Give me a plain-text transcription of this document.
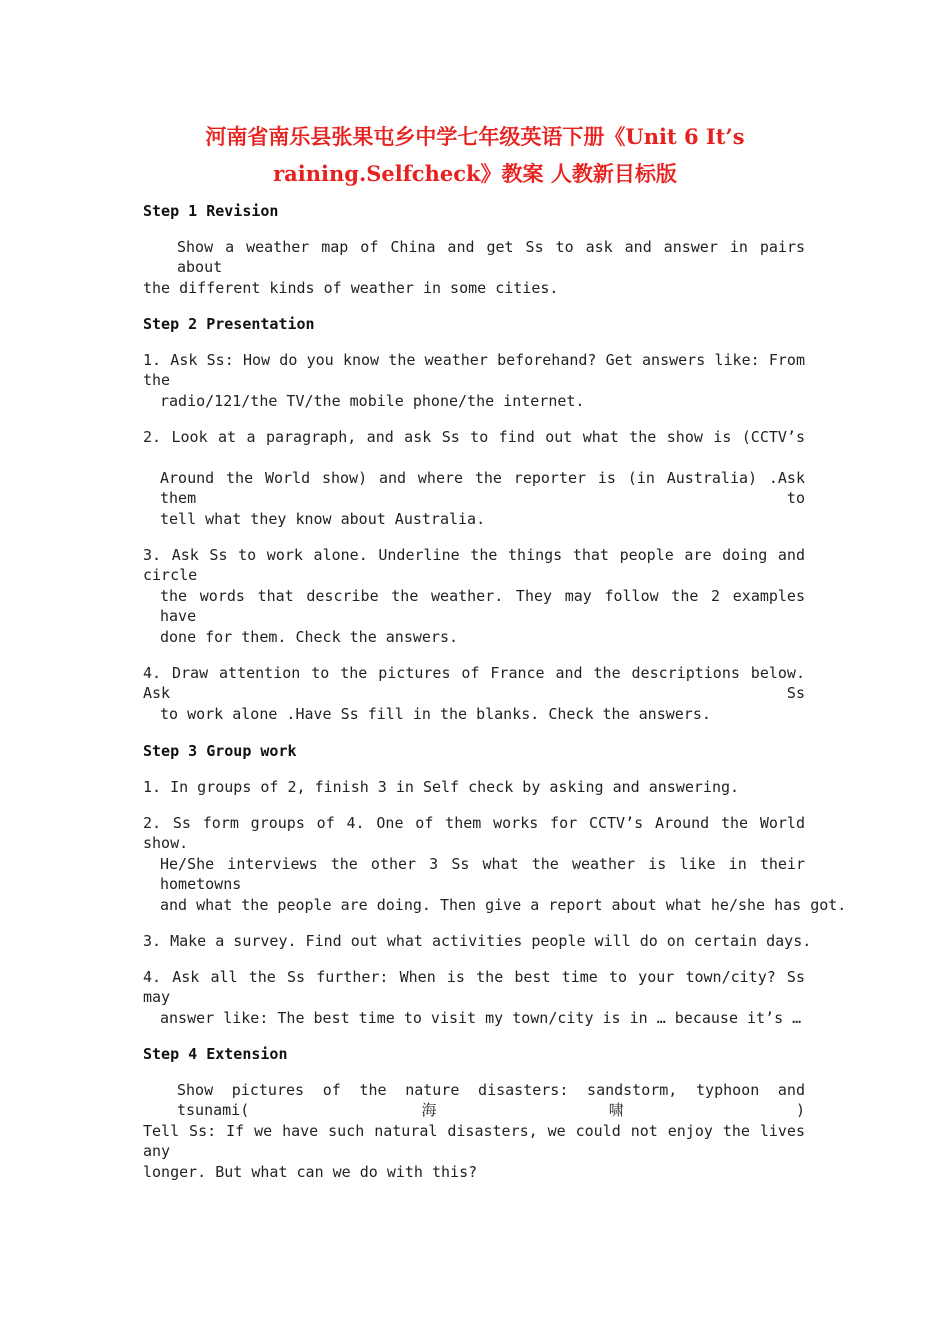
河南省南乐县张果屯乡中学七年级英语下册《Unit 6 It’s
raining.Selfcheck》教案 人教新目标版
Step 1 Revision

Show a weather map of China and get Ss to ask and answer in pairs about

the different kinds of weather in some cities.

Step 2 Presentation

1. Ask Ss: How do you know the weather beforehand? Get answers like: From the

radio/121/the TV/the mobile phone/the internet.

2. Look at a paragraph, and ask Ss to find out what the show is (CCTV’s

Around the World show) and where the reporter is (in Australia) .Ask them to

tell what they know about Australia.

3. Ask Ss to work alone. Underline the things that people are doing and circle

the words that describe the weather. They may follow the 2 examples have

done for them. Check the answers.

4. Draw attention to the pictures of France and the descriptions below. Ask Ss

to work alone .Have Ss fill in the blanks. Check the answers.

Step 3 Group work

1. In groups of 2, finish 3 in Self check by asking and answering.

2. Ss form groups of 4. One of them works for CCTV’s Around the World show.

He/She interviews the other 3 Ss what the weather is like in their hometowns

and what the people are doing. Then give a report about what he/she has got.

3. Make a survey. Find out what activities people will do on certain days.

4. Ask all the Ss further: When is the best time to your town/city? Ss may

answer like: The best time to visit my town/city is in … because it’s …

Step 4 Extension

Show pictures of the nature disasters: sandstorm, typhoon and tsunami(海啸)

Tell Ss: If we have such natural disasters, we could not enjoy the lives any

longer. But what can we do with this?
